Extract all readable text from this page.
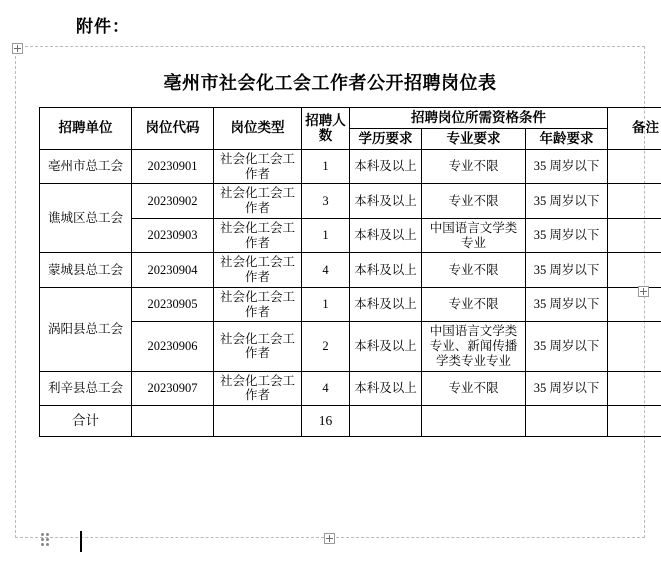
附件：
亳州市社会化工会工作者公开招聘岗位表
招聘单位	岗位代码	岗位类型	招聘人数	招聘岗位所需资格条件			备注
				学历要求	专业要求	年龄要求	
亳州市总工会	20230901	社会化工会工作者	1	本科及以上	专业不限	35 周岁以下	
谯城区总工会	20230902	社会化工会工作者	3	本科及以上	专业不限	35 周岁以下	
	20230903	社会化工会工作者	1	本科及以上	中国语言文学类专业	35 周岁以下	
蒙城县总工会	20230904	社会化工会工作者	4	本科及以上	专业不限	35 周岁以下	
涡阳县总工会	20230905	社会化工会工作者	1	本科及以上	专业不限	35 周岁以下	
	20230906	社会化工会工作者	2	本科及以上	中国语言文学类专业、新闻传播学类专业专业	35 周岁以下	
利辛县总工会	20230907	社会化工会工作者	4	本科及以上	专业不限	35 周岁以下	
合计			16				
